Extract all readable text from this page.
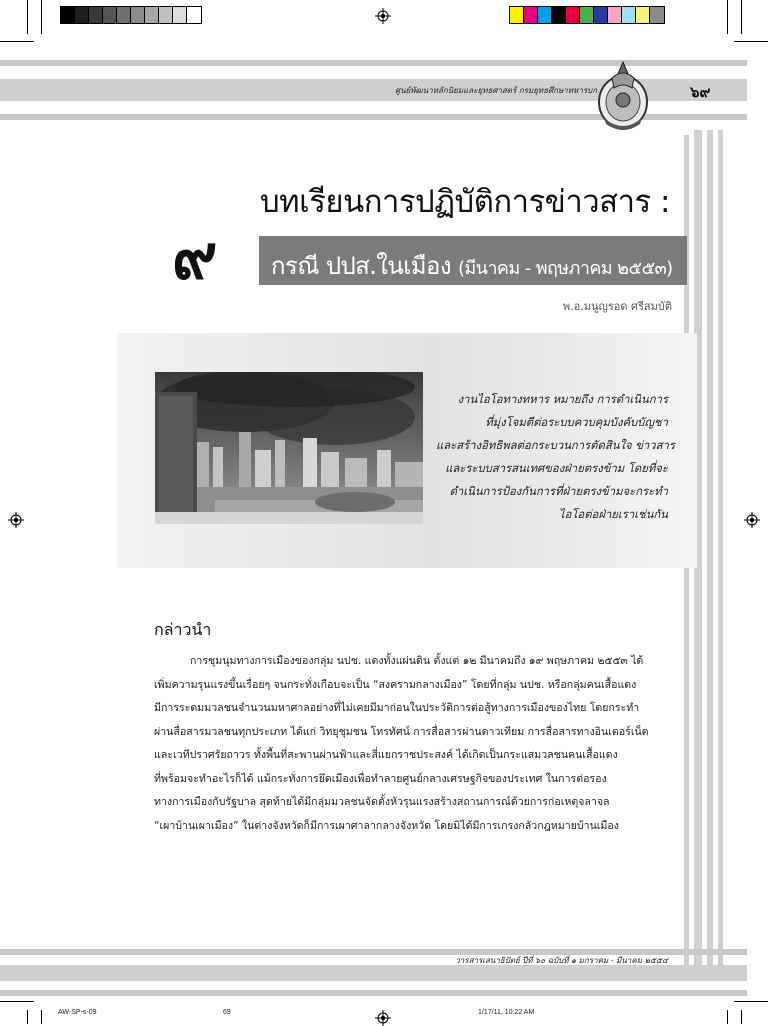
ศูนย์พัฒนาหลักนิยมและยุทธศาสตร์ กรมยุทธศึกษาทหารบก	๖๙
บทเรียนการปฏิบัติการข่าวสาร :
๙ กรณี ปปส.ในเมือง (มีนาคม - พฤษภาคม ๒๕๕๓)
พ.อ.มนูญรอด ศรีสมบัติ
งานไอโอทางทหาร หมายถึง การดำเนินการ
ที่มุ่งโจมตีต่อระบบควบคุมบังคับบัญชา
และสร้างอิทธิพลต่อกระบวนการตัดสินใจ ข่าวสาร
และระบบสารสนเทศของฝ่ายตรงข้าม โดยที่จะ
ดำเนินการป้องกันการที่ฝ่ายตรงข้ามจะกระทำ
ไอโอต่อฝ่ายเราเช่นกัน
กล่าวนำ
การชุมนุมทางการเมืองของกลุ่ม นปช. แดงทั้งแผ่นดิน ตั้งแต่ ๑๒ มีนาคมถึง ๑๙ พฤษภาคม ๒๕๕๓ ได้
เพิ่มความรุนแรงขึ้นเรื่อยๆ จนกระทั่งเกือบจะเป็น “สงครามกลางเมือง” โดยที่กลุ่ม นปช. หรือกลุ่มคนเสื้อแดง
มีการระดมมวลชนจำนวนมหาศาลอย่างที่ไม่เคยมีมาก่อนในประวัติการต่อสู้ทางการเมืองของไทย โดยกระทำ
ผ่านสื่อสารมวลชนทุกประเภท ได้แก่ วิทยุชุมชน โทรทัศน์ การสื่อสารผ่านดาวเทียม การสื่อสารทางอินเตอร์เน็ต
และเวทีปราศรัยถาวร ทั้งพื้นที่สะพานผ่านฟ้าและสี่แยกราชประสงค์ ได้เกิดเป็นกระแสมวลชนคนเสื้อแดง
ที่พร้อมจะทำอะไรก็ได้ แม้กระทั่งการยึดเมืองเพื่อทำลายศูนย์กลางเศรษฐกิจของประเทศ ในการต่อรอง
ทางการเมืองกับรัฐบาล สุดท้ายได้มีกลุ่มมวลชนจัดตั้งหัวรุนแรงสร้างสถานการณ์ด้วยการก่อเหตุจลาจล
“เผาบ้านเผาเมือง” ในต่างจังหวัดก็มีการเผาศาลากลางจังหวัด โดยมิได้มีการเกรงกลัวกฎหมายบ้านเมือง
วารสารเสนาธิปัตย์ ปีที่ ๖๐ ฉบับที่ ๑ มกราคม - มีนาคม ๒๕๕๔
AW-SP-s-09	69	1/17/11, 10:22 AM
